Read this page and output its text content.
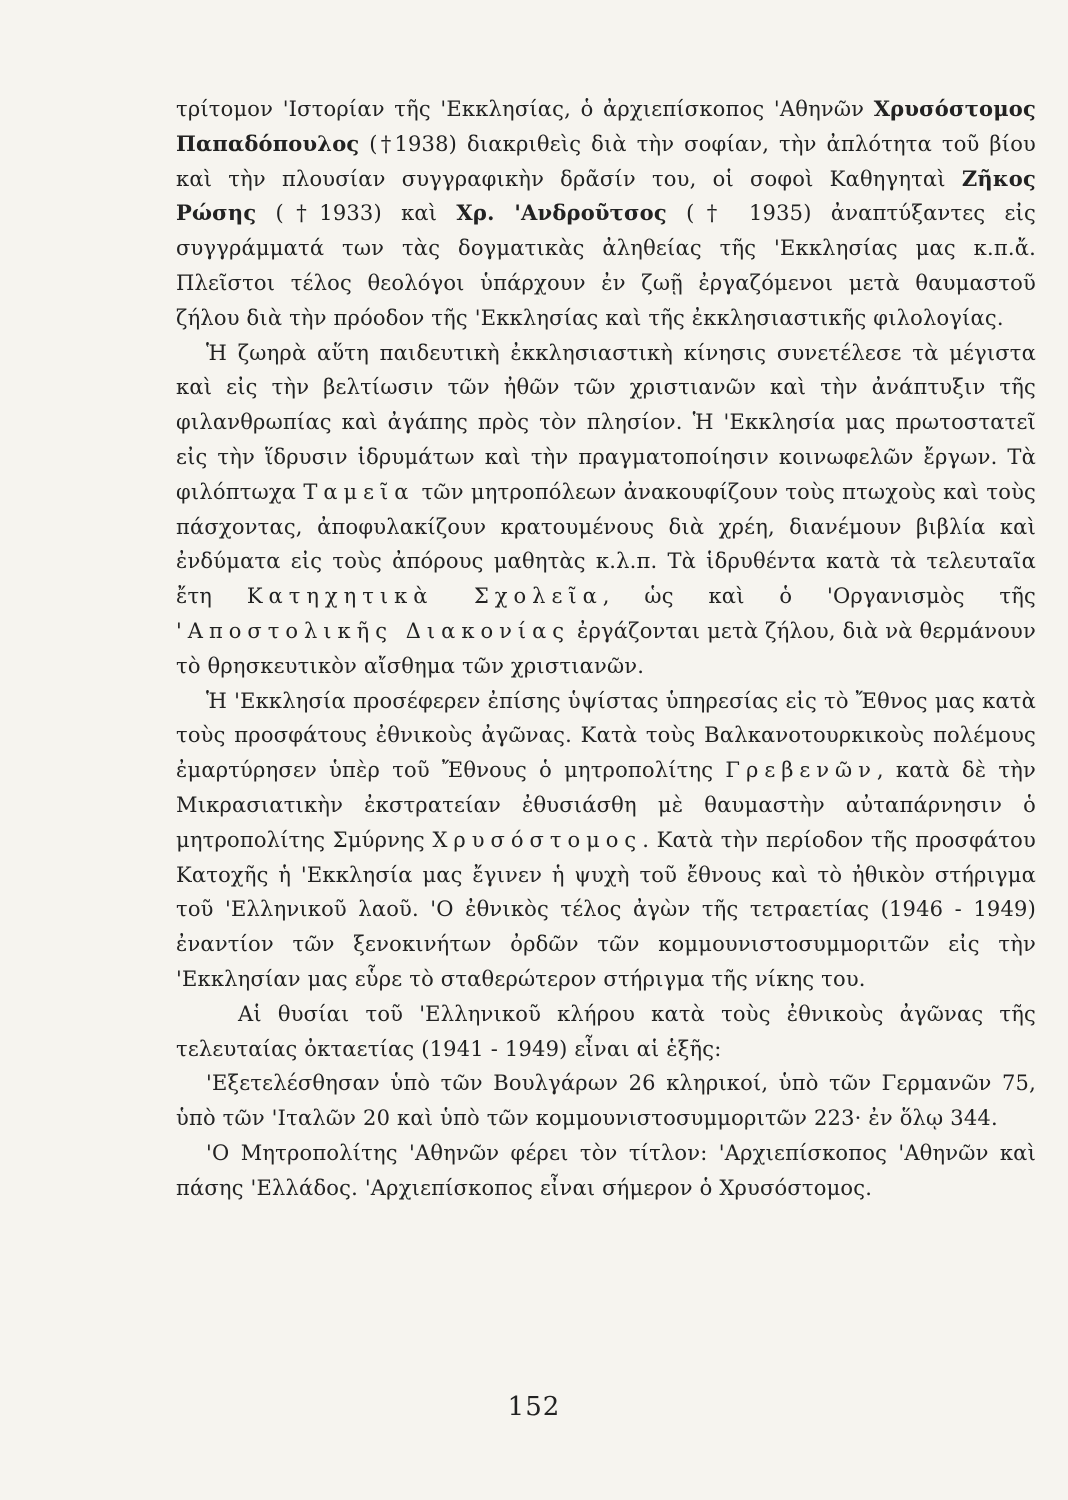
τρίτομον 'Ιστορίαν τῆς 'Εκκλησίας, ὁ ἀρχιεπίσκοπος 'Αθηνῶν Χρυσόστομος Παπαδόπουλος (†1938) διακριθεὶς διὰ τὴν σοφίαν, τὴν ἀπλότητα τοῦ βίου καὶ τὴν πλουσίαν συγγραφικὴν δρᾶσίν του, οἱ σοφοὶ Καθηγηταὶ Ζῆκος Ρώσης (†1933) καὶ Χρ. 'Ανδροῦτσος († 1935) ἀναπτύξαντες εἰς συγγράμματά των τὰς δογματικὰς ἀληθείας τῆς 'Εκκλησίας μας κ.π.ἄ. Πλεῖστοι τέλος θεολόγοι ὑπάρχουν ἐν ζωῇ ἐργαζόμενοι μετὰ θαυμαστοῦ ζήλου διὰ τὴν πρόοδον τῆς 'Εκκλησίας καὶ τῆς ἐκκλησιαστικῆς φιλολογίας.

Ἡ ζωηρὰ αὕτη παιδευτικὴ ἐκκλησιαστικὴ κίνησις συνετέλεσε τὰ μέγιστα καὶ εἰς τὴν βελτίωσιν τῶν ἠθῶν τῶν χριστιανῶν καὶ τὴν ἀνάπτυξιν τῆς φιλανθρωπίας καὶ ἀγάπης πρὸς τὸν πλησίον. Ἡ 'Εκκλησία μας πρωτοστατεῖ εἰς τὴν ἵδρυσιν ἱδρυμάτων καὶ τὴν πραγματοποίησιν κοινωφελῶν ἔργων. Τὰ φιλόπτωχα Ταμεῖα τῶν μητροπόλεων ἀνακουφίζουν τοὺς πτωχοὺς καὶ τοὺς πάσχοντας, ἀποφυλακίζουν κρατουμένους διὰ χρέη, διανέμουν βιβλία καὶ ἐνδύματα εἰς τοὺς ἀπόρους μαθητὰς κ.λ.π. Τὰ ἱδρυθέντα κατὰ τὰ τελευταῖα ἔτη Κατηχητικὰ Σχολεῖα, ὡς καὶ ὁ 'Οργανισμὸς τῆς 'Αποστολικῆς Διακονίας ἐργάζονται μετὰ ζήλου, διὰ νὰ θερμάνουν τὸ θρησκευτικὸν αἴσθημα τῶν χριστιανῶν.

Ἡ 'Εκκλησία προσέφερεν ἐπίσης ὑψίστας ὑπηρεσίας εἰς τὸ Ἔθνος μας κατὰ τοὺς προσφάτους ἐθνικοὺς ἀγῶνας. Κατὰ τοὺς Βαλκανοτουρκικοὺς πολέμους ἐμαρτύρησεν ὑπὲρ τοῦ Ἔθνους ὁ μητροπολίτης Γρεβενῶν, κατὰ δὲ τὴν Μικρασιατικὴν ἐκστρατείαν ἐθυσιάσθη μὲ θαυμαστὴν αὐταπάρνησιν ὁ μητροπολίτης Σμύρνης Χρυσόστομος. Κατὰ τὴν περίοδον τῆς προσφάτου Κατοχῆς ἡ 'Εκκλησία μας ἔγινεν ἡ ψυχὴ τοῦ ἔθνους καὶ τὸ ἠθικὸν στήριγμα τοῦ 'Ελληνικοῦ λαοῦ. 'Ο ἐθνικὸς τέλος ἀγὼν τῆς τετραετίας (1946 - 1949) ἐναντίον τῶν ξενοκινήτων ὀρδῶν τῶν κομμουνιστοσυμμοριτῶν εἰς τὴν 'Εκκλησίαν μας εὗρε τὸ σταθερώτερον στήριγμα τῆς νίκης του.

Αἱ θυσίαι τοῦ 'Ελληνικοῦ κλήρου κατὰ τοὺς ἐθνικοὺς ἀγῶνας τῆς τελευταίας ὀκταετίας (1941 - 1949) εἶναι αἱ ἑξῆς:

'Εξετελέσθησαν ὑπὸ τῶν Βουλγάρων 26 κληρικοί, ὑπὸ τῶν Γερμανῶν 75, ὑπὸ τῶν 'Ιταλῶν 20 καὶ ὑπὸ τῶν κομμουνιστοσυμμοριτῶν 223· ἐν ὅλῳ 344.

'Ο Μητροπολίτης 'Αθηνῶν φέρει τὸν τίτλον: 'Αρχιεπίσκοπος 'Αθηνῶν καὶ πάσης 'Ελλάδος. 'Αρχιεπίσκοπος εἶναι σήμερον ὁ Χρυσόστομος.

152
